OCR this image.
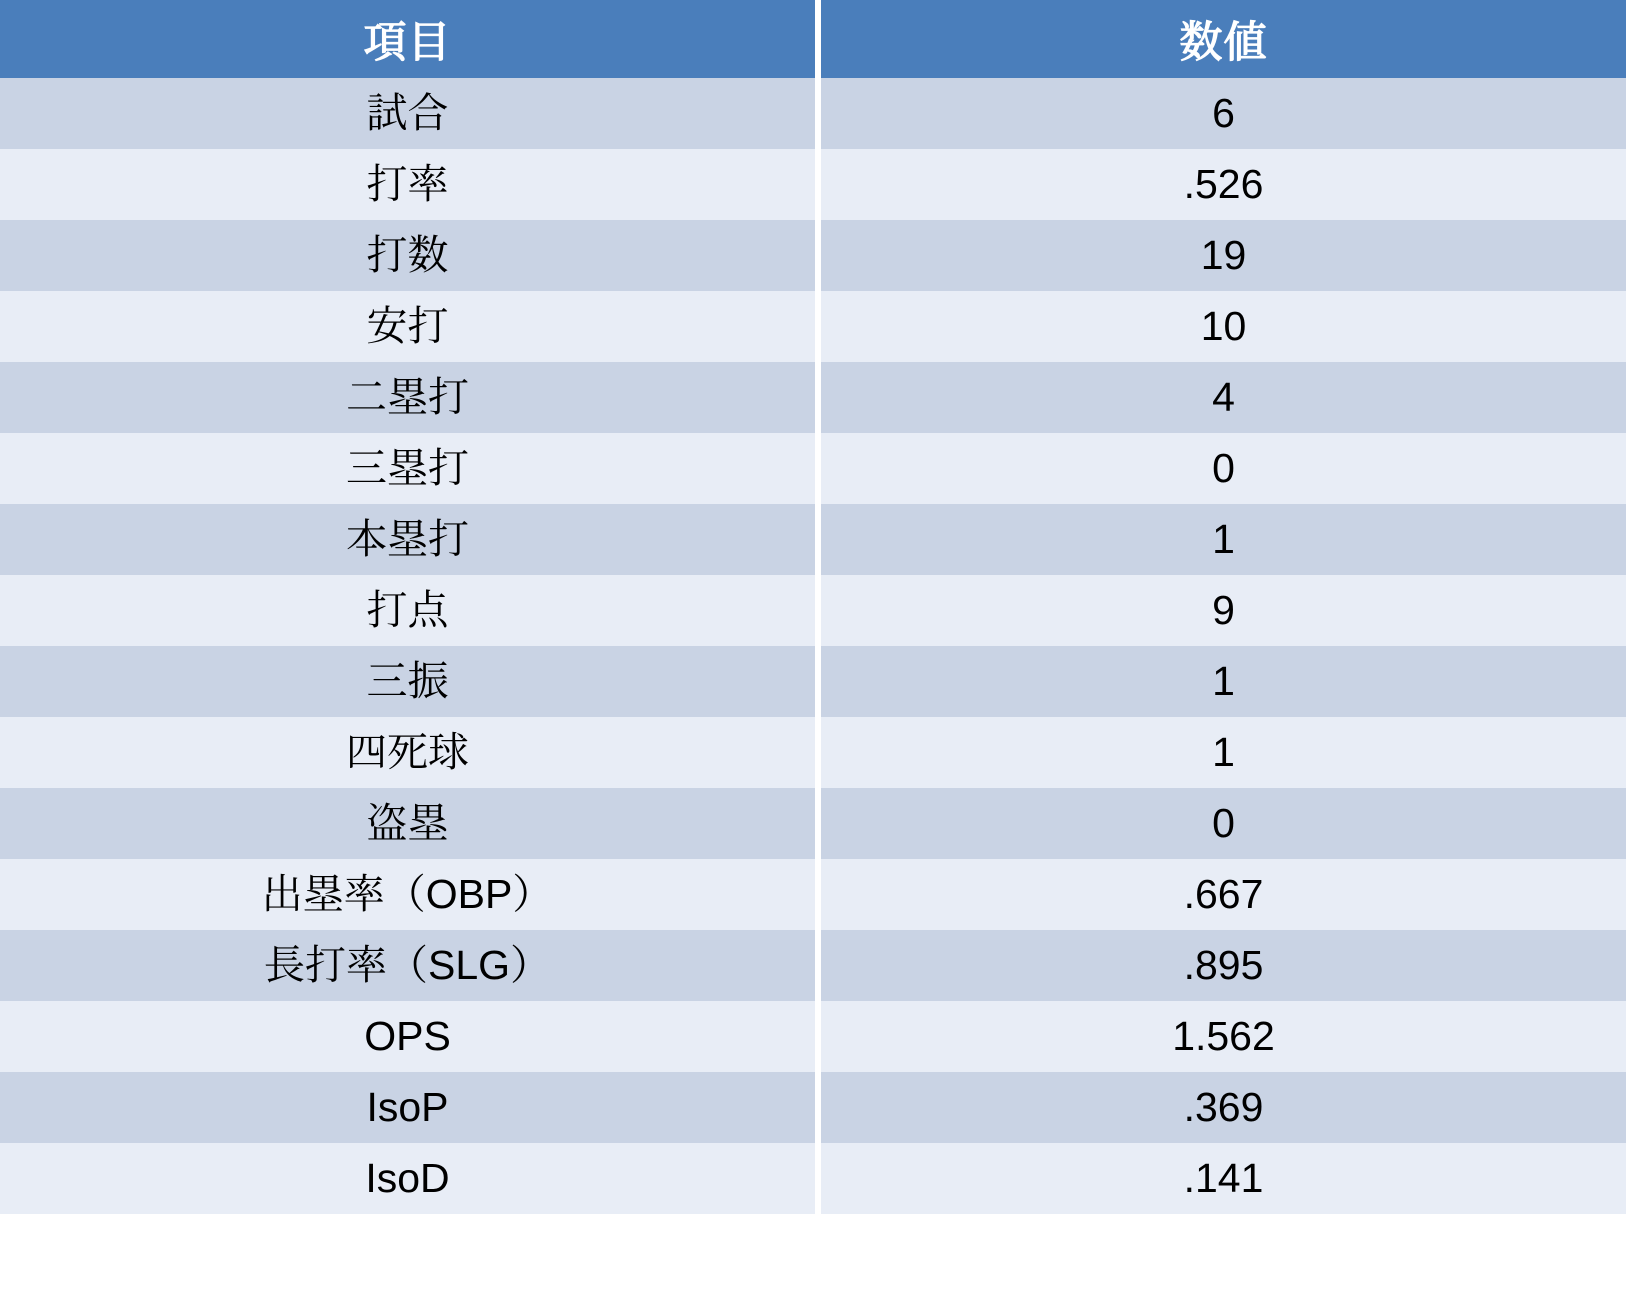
項目	数値
試合	6
打率	.526
打数	19
安打	10
二塁打	4
三塁打	0
本塁打	1
打点	9
三振	1
四死球	1
盗塁	0
出塁率（OBP）	.667
長打率（SLG）	.895
OPS	1.562
IsoP	.369
IsoD	.141
